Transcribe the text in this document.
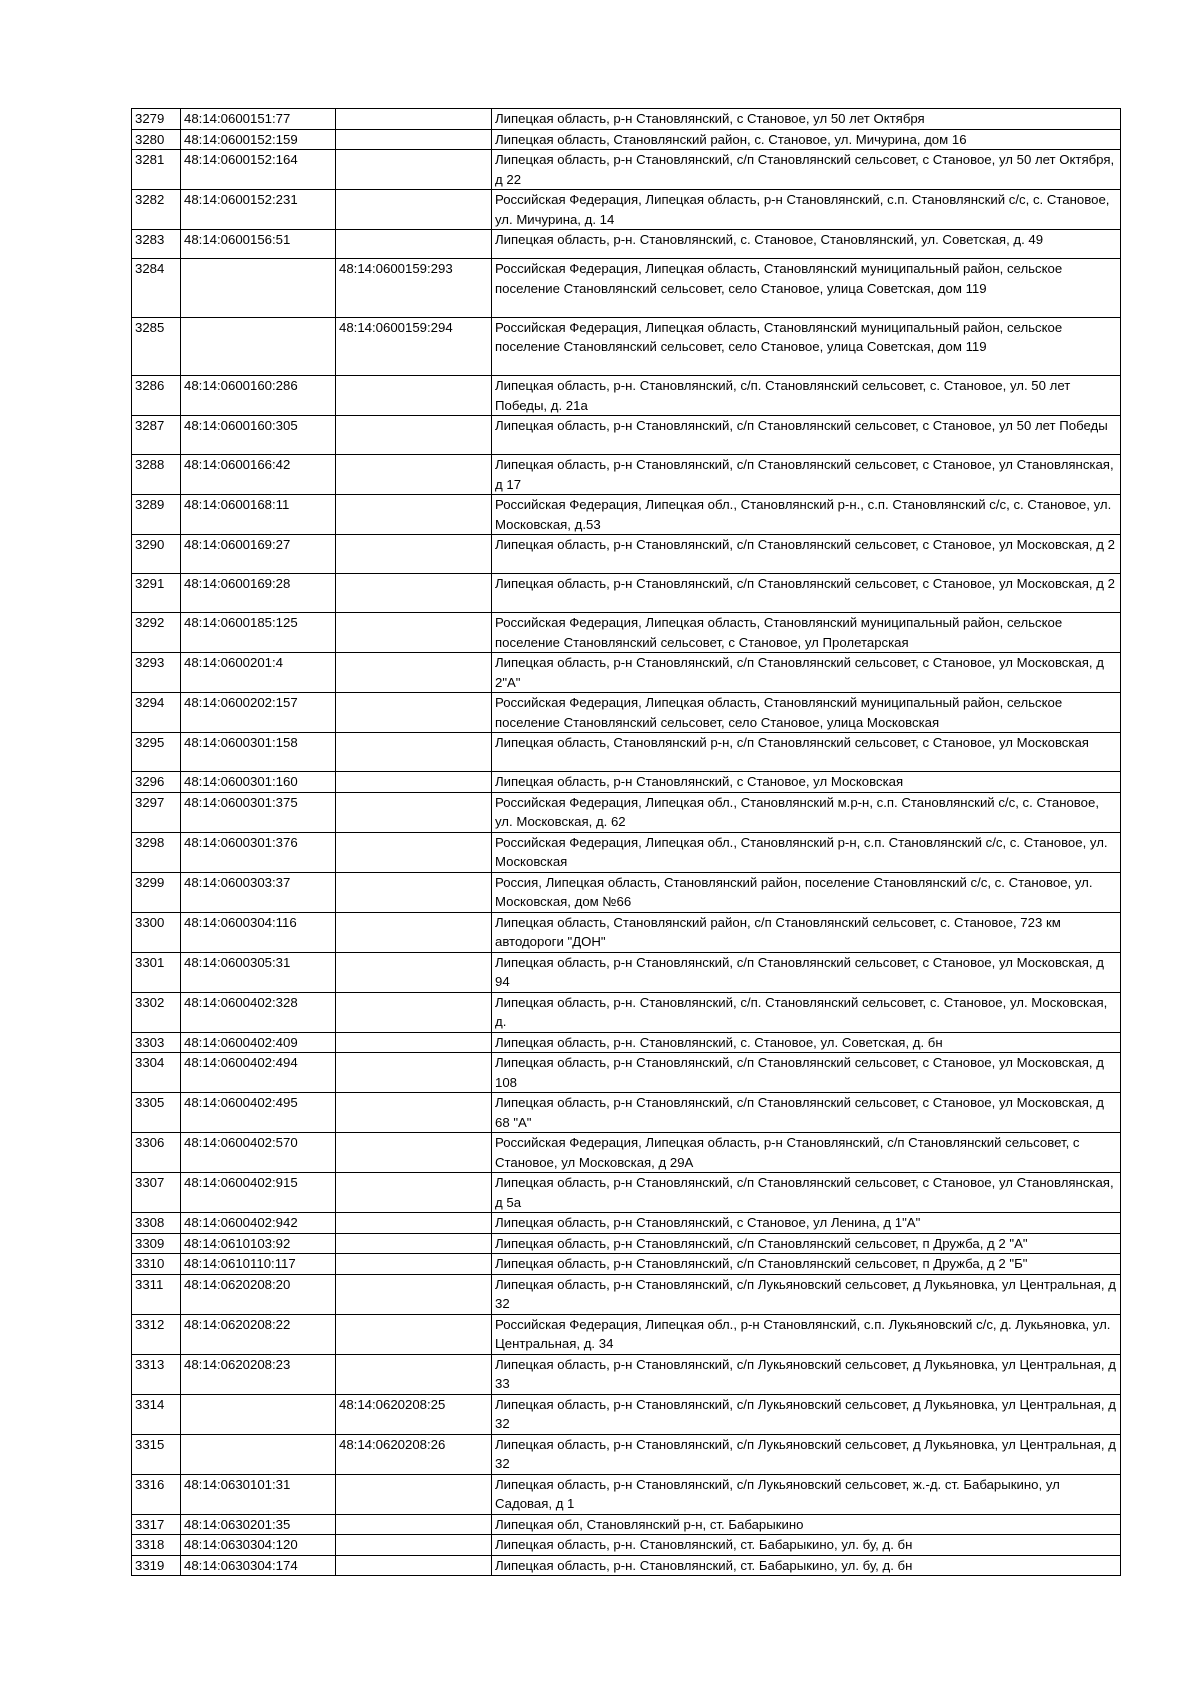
3279	48:14:0600151:77		Липецкая область, р-н Становлянский, с Становое, ул 50 лет Октября
3280	48:14:0600152:159		Липецкая область, Становлянский район, с. Становое, ул. Мичурина, дом 16
3281	48:14:0600152:164		Липецкая область, р-н Становлянский, с/п Становлянский сельсовет, с Становое, ул 50 лет Октября, д 22
3282	48:14:0600152:231		Российская Федерация, Липецкая область, р-н Становлянский, с.п. Становлянский с/с, с. Становое, ул. Мичурина, д. 14
3283	48:14:0600156:51		Липецкая область, р-н. Становлянский, с. Становое, Становлянский, ул. Советская, д. 49
3284		48:14:0600159:293	Российская Федерация, Липецкая область, Становлянский муниципальный район, сельское поселение Становлянский сельсовет, село Становое, улица Советская, дом 119
3285		48:14:0600159:294	Российская Федерация, Липецкая область, Становлянский муниципальный район, сельское поселение Становлянский сельсовет, село Становое, улица Советская, дом 119
3286	48:14:0600160:286		Липецкая область, р-н. Становлянский, с/п. Становлянский сельсовет, с. Становое, ул. 50 лет Победы, д. 21а
3287	48:14:0600160:305		Липецкая область, р-н Становлянский, с/п Становлянский сельсовет, с Становое, ул 50 лет Победы
3288	48:14:0600166:42		Липецкая область, р-н Становлянский, с/п Становлянский сельсовет, с Становое, ул Становлянская, д 17
3289	48:14:0600168:11		Российская Федерация, Липецкая обл., Становлянский р-н., с.п. Становлянский с/с, с. Становое, ул. Московская, д.53
3290	48:14:0600169:27		Липецкая область, р-н Становлянский, с/п Становлянский сельсовет, с Становое, ул Московская, д 2
3291	48:14:0600169:28		Липецкая область, р-н Становлянский, с/п Становлянский сельсовет, с Становое, ул Московская, д 2
3292	48:14:0600185:125		Российская Федерация, Липецкая область, Становлянский муниципальный район, сельское поселение Становлянский сельсовет, с Становое, ул Пролетарская
3293	48:14:0600201:4		Липецкая область, р-н Становлянский, с/п Становлянский сельсовет, с Становое, ул Московская, д 2"А"
3294	48:14:0600202:157		Российская Федерация, Липецкая область, Становлянский муниципальный район, сельское поселение Становлянский сельсовет, село Становое, улица Московская
3295	48:14:0600301:158		Липецкая область, Становлянский р-н, с/п Становлянский сельсовет, с Становое, ул Московская
3296	48:14:0600301:160		Липецкая область, р-н Становлянский, с Становое, ул Московская
3297	48:14:0600301:375		Российская Федерация, Липецкая обл., Становлянский м.р-н, с.п. Становлянский с/с, с. Становое, ул. Московская, д. 62
3298	48:14:0600301:376		Российская Федерация, Липецкая обл., Становлянский р-н, с.п. Становлянский с/с, с. Становое, ул. Московская
3299	48:14:0600303:37		Россия, Липецкая область, Становлянский район, поселение Становлянский с/с, с. Становое, ул. Московская, дом №66
3300	48:14:0600304:116		Липецкая область, Становлянский район, с/п Становлянский сельсовет, с. Становое, 723 км автодороги "ДОН"
3301	48:14:0600305:31		Липецкая область, р-н Становлянский, с/п Становлянский сельсовет, с Становое, ул Московская, д 94
3302	48:14:0600402:328		Липецкая область, р-н. Становлянский, с/п. Становлянский сельсовет, с. Становое, ул. Московская, д.
3303	48:14:0600402:409		Липецкая область, р-н. Становлянский, с. Становое, ул. Советская, д. бн
3304	48:14:0600402:494		Липецкая область, р-н Становлянский, с/п Становлянский сельсовет, с Становое, ул Московская, д 108
3305	48:14:0600402:495		Липецкая область, р-н Становлянский, с/п Становлянский сельсовет, с Становое, ул Московская, д 68 "А"
3306	48:14:0600402:570		Российская Федерация, Липецкая область, р-н Становлянский, с/п Становлянский сельсовет, с Становое, ул Московская, д 29А
3307	48:14:0600402:915		Липецкая область, р-н Становлянский, с/п Становлянский сельсовет, с Становое, ул Становлянская, д 5а
3308	48:14:0600402:942		Липецкая область, р-н Становлянский, с Становое, ул Ленина, д 1"А"
3309	48:14:0610103:92		Липецкая область, р-н Становлянский, с/п Становлянский сельсовет, п Дружба, д 2 "А"
3310	48:14:0610110:117		Липецкая область, р-н Становлянский, с/п Становлянский сельсовет, п Дружба, д 2 "Б"
3311	48:14:0620208:20		Липецкая область, р-н Становлянский, с/п Лукьяновский сельсовет, д Лукьяновка, ул Центральная, д 32
3312	48:14:0620208:22		Российская Федерация, Липецкая обл., р-н Становлянский, с.п. Лукьяновский с/с, д. Лукьяновка, ул. Центральная, д. 34
3313	48:14:0620208:23		Липецкая область, р-н Становлянский, с/п Лукьяновский сельсовет, д Лукьяновка, ул Центральная, д 33
3314		48:14:0620208:25	Липецкая область, р-н Становлянский, с/п Лукьяновский сельсовет, д Лукьяновка, ул Центральная, д 32
3315		48:14:0620208:26	Липецкая область, р-н Становлянский, с/п Лукьяновский сельсовет, д Лукьяновка, ул Центральная, д 32
3316	48:14:0630101:31		Липецкая область, р-н Становлянский, с/п Лукьяновский сельсовет, ж.-д. ст. Бабарыкино, ул Садовая, д 1
3317	48:14:0630201:35		Липецкая обл, Становлянский р-н, ст. Бабарыкино
3318	48:14:0630304:120		Липецкая область, р-н. Становлянский, ст. Бабарыкино, ул. бу, д. бн
3319	48:14:0630304:174		Липецкая область, р-н. Становлянский, ст. Бабарыкино, ул. бу, д. бн
